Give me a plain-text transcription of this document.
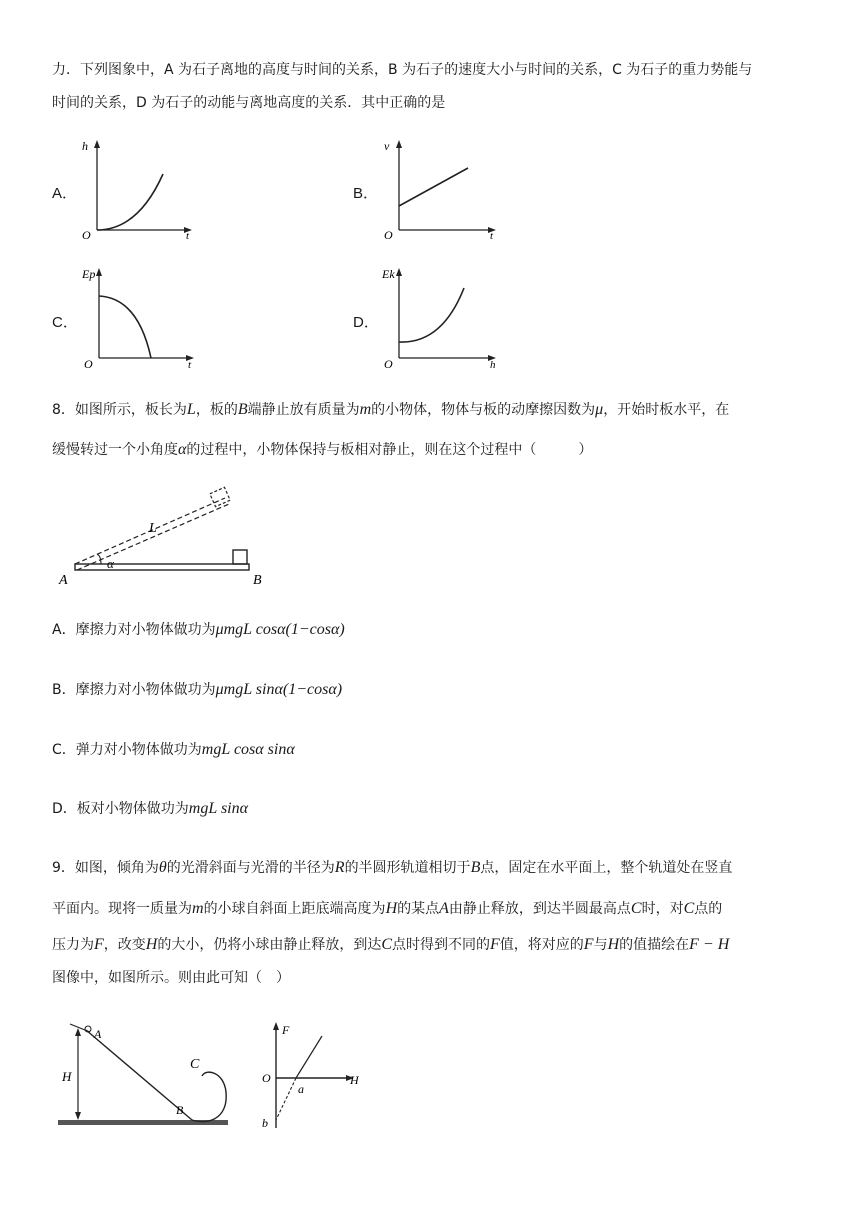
力．下列图象中，A 为石子离地的高度与时间的关系，B 为石子的速度大小与时间的关系，C 为石子的重力势能与
时间的关系，D 为石子的动能与离地高度的关系．其中正确的是
A．
h
O	t
B．
v
O	t
C．
Ep
O	t
D．
Ek
O	h
8．如图所示，板长为L，板的B端静止放有质量为m的小物体，物体与板的动摩擦因数为μ，开始时板水平，在
缓慢转过一个小角度α的过程中，小物体保持与板相对静止，则在这个过程中（　　　）
L
α
A	B
A．摩擦力对小物体做功为μmgL cosα(1−cosα)
B．摩擦力对小物体做功为μmgL sinα(1−cosα)
C．弹力对小物体做功为mgL cosα sinα
D．板对小物体做功为mgL sinα
9．如图，倾角为θ的光滑斜面与光滑的半径为R的半圆形轨道相切于B点，固定在水平面上，整个轨道处在竖直
平面内。现将一质量为m的小球自斜面上距底端高度为H的某点A由静止释放，到达半圆最高点C时，对C点的
压力为F，改变H的大小，仍将小球由静止释放，到达C点时得到不同的F值，将对应的F与H的值描绘在F − H
图像中，如图所示。则由此可知（　）
A
H
B
C
F
O	H
a
b
